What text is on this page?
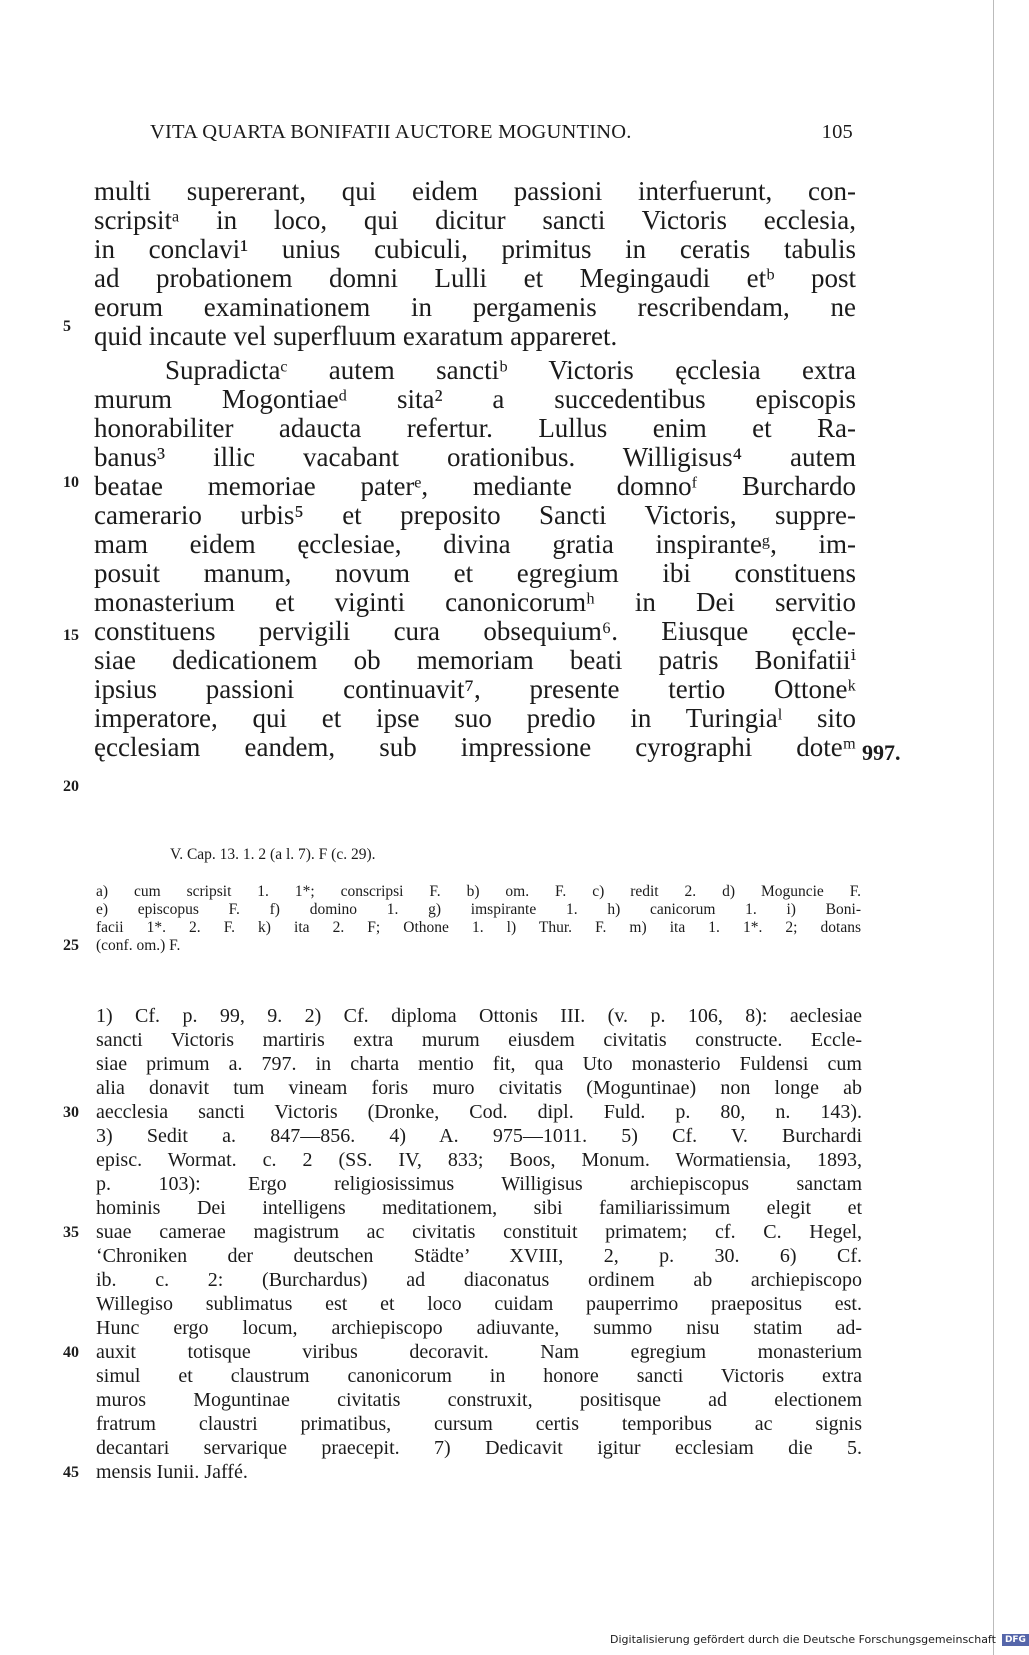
VITA QUARTA BONIFATII AUCTORE MOGUNTINO.	105
multi supererant, qui eidem passioni interfuerunt, con-
scripsitᵃ in loco, qui dicitur sancti Victoris ecclesia,
in conclavi¹ unius cubiculi, primitus in ceratis tabulis
ad probationem domni Lulli et Megingaudi etᵇ post
eorum examinationem in pergamenis rescribendam, ne
quid incaute vel superfluum exaratum appareret.
Supradictaᶜ autem sanctiᵇ Victoris ęcclesia extra
murum Mogontiaeᵈ sita² a succedentibus episcopis
honorabiliter adaucta refertur. Lullus enim et Ra-
banus³ illic vacabant orationibus. Willigisus⁴ autem
beatae memoriae paterᵉ, mediante domnoᶠ Burchardo
camerario urbis⁵ et preposito Sancti Victoris, suppre-
mam eidem ęcclesiae, divina gratia inspiranteᵍ, im-
posuit manum, novum et egregium ibi constituens
monasterium et viginti canonicorumʰ in Dei servitio
constituens pervigili cura obsequium⁶. Eiusque ęccle-
siae dedicationem ob memoriam beati patris Bonifatiiⁱ
ipsius passioni continuavit⁷, presente tertio Ottoneᵏ
imperatore, qui et ipse suo predio in Turingiaˡ sito
ęcclesiam eandem, sub impressione cyrographi doteᵐ
5
10
15
20
997.
V. Cap. 13. 1. 2 (a l. 7). F (c. 29).
a) cum scripsit 1. 1*; conscripsi F. b) om. F. c) redit 2. d) Moguncie F.
e) episcopus F. f) domino 1. g) imspirante 1. h) canicorum 1. i) Boni-
facii 1*. 2. F. k) ita 2. F; Othone 1. l) Thur. F. m) ita 1. 1*. 2; dotans
(conf. om.) F.
25
1) Cf. p. 99, 9. 2) Cf. diploma Ottonis III. (v. p. 106, 8): aeclesiae
sancti Victoris martiris extra murum eiusdem civitatis constructe. Eccle-
siae primum a. 797. in charta mentio fit, qua Uto monasterio Fuldensi cum
alia donavit tum vineam foris muro civitatis (Moguntinae) non longe ab
aecclesia sancti Victoris (Dronke, Cod. dipl. Fuld. p. 80, n. 143).
3) Sedit a. 847—856. 4) A. 975—1011. 5) Cf. V. Burchardi
episc. Wormat. c. 2 (SS. IV, 833; Boos, Monum. Wormatiensia, 1893,
p. 103): Ergo religiosissimus Willigisus archiepiscopus sanctam
hominis Dei intelligens meditationem, sibi familiarissimum elegit et
suae camerae magistrum ac civitatis constituit primatem; cf. C. Hegel,
‘Chroniken der deutschen Städte’ XVIII, 2, p. 30. 6) Cf.
ib. c. 2: (Burchardus) ad diaconatus ordinem ab archiepiscopo
Willegiso sublimatus est et loco cuidam pauperrimo praepositus est.
Hunc ergo locum, archiepiscopo adiuvante, summo nisu statim ad-
auxit totisque viribus decoravit. Nam egregium monasterium
simul et claustrum canonicorum in honore sancti Victoris extra
muros Moguntinae civitatis construxit, positisque ad electionem
fratrum claustri primatibus, cursum certis temporibus ac signis
decantari servarique praecepit. 7) Dedicavit igitur ecclesiam die 5.
mensis Iunii. Jaffé.
30
35
40
45
Digitalisierung gefördert durch die Deutsche Forschungsgemeinschaft DFG
